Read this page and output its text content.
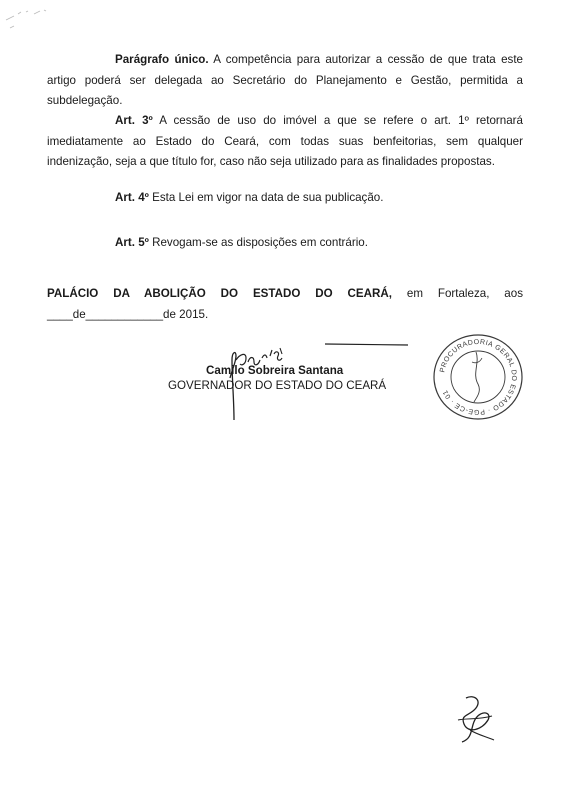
Parágrafo único. A competência para autorizar a cessão de que trata este
artigo poderá ser delegada ao Secretário do Planejamento e Gestão, permitida a
subdelegação.
Art. 3º A cessão de uso do imóvel a que se refere o art. 1º retornará
imediatamente ao Estado do Ceará, com todas suas benfeitorias, sem qualquer
indenização, seja a que título for, caso não seja utilizado para as finalidades propostas.
Art. 4º Esta Lei em vigor na data de sua publicação.
Art. 5º Revogam-se as disposições em contrário.
PALÁCIO DA ABOLIÇÃO DO ESTADO DO CEARÁ, em Fortaleza, aos
____de____________de 2015.
Camilo Sobreira Santana
GOVERNADOR DO ESTADO DO CEARÁ
PROCURADORIA GERAL DO ESTADO · PGE-CE · 01
